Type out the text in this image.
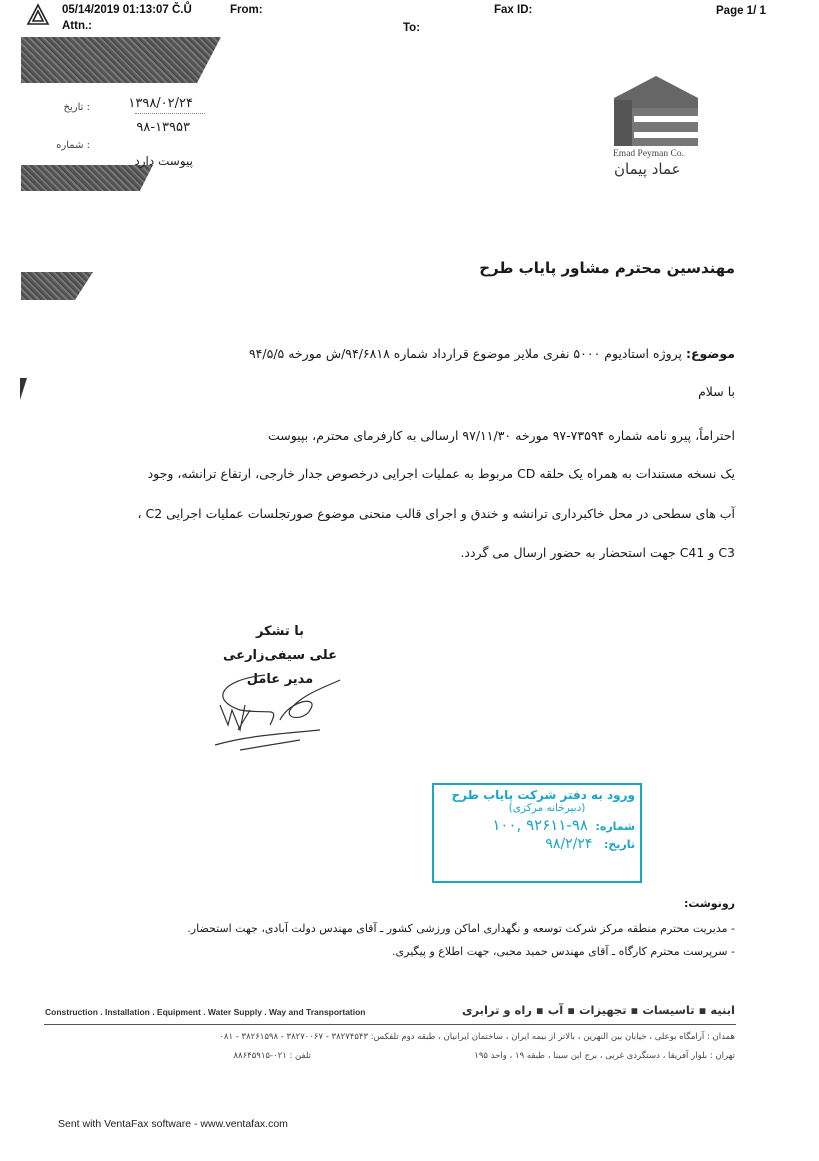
05/14/2019 01:13:07 Č.Ů	From:	Fax ID:	Page 1/ 1
Attn.:	To:
: تاریخ	۱۳۹۸/۰۲/۲۴
۹۸-۱۳۹۵۳
: شماره
پیوست دارد	Emad Peyman Co.
عماد پیمان
مهندسین محترم مشاور پایاب طرح
موضوع: پروژه استادیوم ۵۰۰۰ نفری ملایر موضوع قرارداد شماره ۹۴/۶۸۱۸/ش مورخه ۹۴/۵/۵
با سلام
احتراماً، پیرو نامه شماره ۷۳۵۹۴-۹۷ مورخه ۹۷/۱۱/۳۰ ارسالی به کارفرمای محترم، بپیوست
یک نسخه مستندات به همراه یک حلقه CD مربوط به عملیات اجرایی درخصوص جدار خارجی، ارتفاع ترانشه، وجود
آب های سطحی در محل خاکبرداری ترانشه و خندق و اجرای قالب منحنی موضوع صورتجلسات عملیات اجرایی C2 ،
C3 و C41 جهت استحضار به حضور ارسال می گردد.
با تشکر
علی سیفی‌زارعی
مدیر عامل
ورود به دفتر شرکت پایاب طرح
(دبیرخانه مرکزی)
شماره: ۹۸-۹۲۶۱۱ ,۱۰۰
تاریخ: ۹۸/۲/۲۴
رونوشت:
- مدیریت محترم منطقه مرکز شرکت توسعه و نگهداری اماکن ورزشی کشور ـ آقای مهندس دولت آبادی، جهت استحضار.
- سرپرست محترم کارگاه ـ آقای مهندس حمید محبی، جهت اطلاع و پیگیری.
Construction . Installation . Equipment . Water Supply . Way and Transportation	ابنیه ▪ تاسیسات ▪ تجهیزات ▪ آب ▪ راه و ترابری
همدان : آرامگاه بوعلی ، خیابان بین النهرین ، بالاتر از بیمه ایران ، ساختمان ایرانیان ، طبقه دوم تلفکس: ۳۸۲۷۴۵۴۳ - ۳۸۲۷۰۰۶۷ - ۳۸۲۶۱۵۹۸ - ۰۸۱
تهران : بلوار آفریقا ، دستگردی غربی ، برج ابن سینا ، طبقه ۱۹ ، واحد ۱۹۵
تلفن : ۰۲۱-۸۸۶۴۵۹۱۵
Sent with VentaFax software - www.ventafax.com
